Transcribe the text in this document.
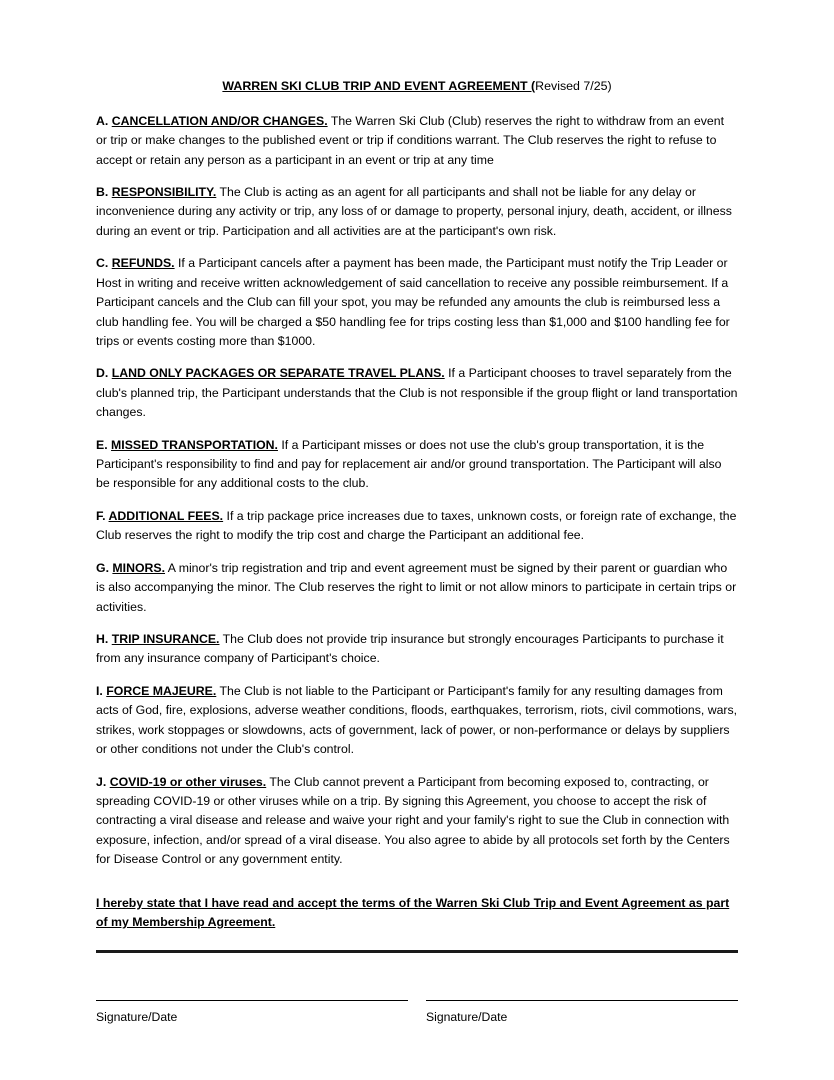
WARREN SKI CLUB TRIP AND EVENT AGREEMENT (Revised 7/25)

A. CANCELLATION AND/OR CHANGES. The Warren Ski Club (Club) reserves the right to withdraw from an event or trip or make changes to the published event or trip if conditions warrant. The Club reserves the right to refuse to accept or retain any person as a participant in an event or trip at any time

B. RESPONSIBILITY. The Club is acting as an agent for all participants and shall not be liable for any delay or inconvenience during any activity or trip, any loss of or damage to property, personal injury, death, accident, or illness during an event or trip. Participation and all activities are at the participant's own risk.

C. REFUNDS. If a Participant cancels after a payment has been made, the Participant must notify the Trip Leader or Host in writing and receive written acknowledgement of said cancellation to receive any possible reimbursement. If a Participant cancels and the Club can fill your spot, you may be refunded any amounts the club is reimbursed less a club handling fee. You will be charged a $50 handling fee for trips costing less than $1,000 and $100 handling fee for trips or events costing more than $1000.

D. LAND ONLY PACKAGES OR SEPARATE TRAVEL PLANS. If a Participant chooses to travel separately from the club's planned trip, the Participant understands that the Club is not responsible if the group flight or land transportation changes.

E. MISSED TRANSPORTATION. If a Participant misses or does not use the club's group transportation, it is the Participant's responsibility to find and pay for replacement air and/or ground transportation. The Participant will also be responsible for any additional costs to the club.

F. ADDITIONAL FEES. If a trip package price increases due to taxes, unknown costs, or foreign rate of exchange, the Club reserves the right to modify the trip cost and charge the Participant an additional fee.

G. MINORS. A minor's trip registration and trip and event agreement must be signed by their parent or guardian who is also accompanying the minor. The Club reserves the right to limit or not allow minors to participate in certain trips or activities.

H. TRIP INSURANCE. The Club does not provide trip insurance but strongly encourages Participants to purchase it from any insurance company of Participant's choice.

I. FORCE MAJEURE. The Club is not liable to the Participant or Participant's family for any resulting damages from acts of God, fire, explosions, adverse weather conditions, floods, earthquakes, terrorism, riots, civil commotions, wars, strikes, work stoppages or slowdowns, acts of government, lack of power, or non-performance or delays by suppliers or other conditions not under the Club's control.

J. COVID-19 or other viruses. The Club cannot prevent a Participant from becoming exposed to, contracting, or spreading COVID-19 or other viruses while on a trip. By signing this Agreement, you choose to accept the risk of contracting a viral disease and release and waive your right and your family's right to sue the Club in connection with exposure, infection, and/or spread of a viral disease. You also agree to abide by all protocols set forth by the Centers for Disease Control or any government entity.

I hereby state that I have read and accept the terms of the Warren Ski Club Trip and Event Agreement as part of my Membership Agreement.

Signature/Date	Signature/Date
